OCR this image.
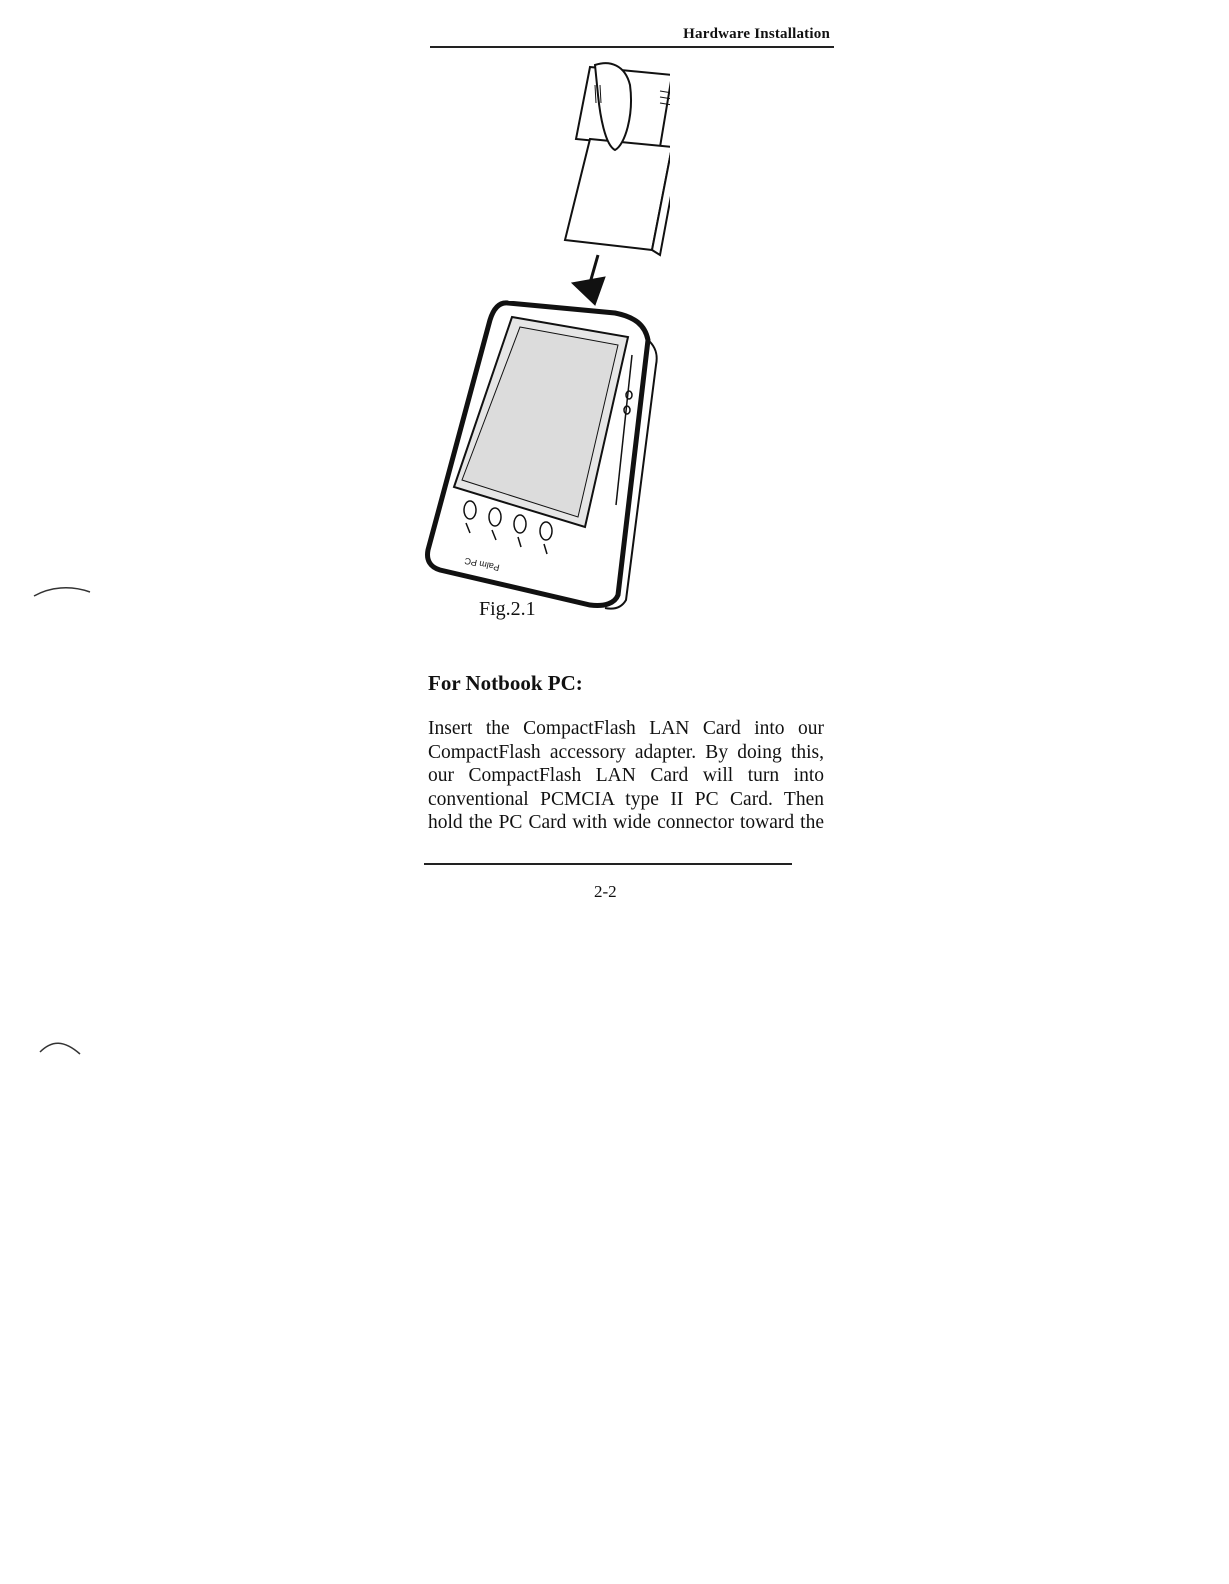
Hardware Installation
Palm PC
Fig.2.1
For Notbook PC:
Insert the CompactFlash LAN Card into our
CompactFlash accessory adapter. By doing this,
our CompactFlash LAN Card will turn into
conventional PCMCIA type II PC Card. Then
hold the PC Card with wide connector toward the
2-2
